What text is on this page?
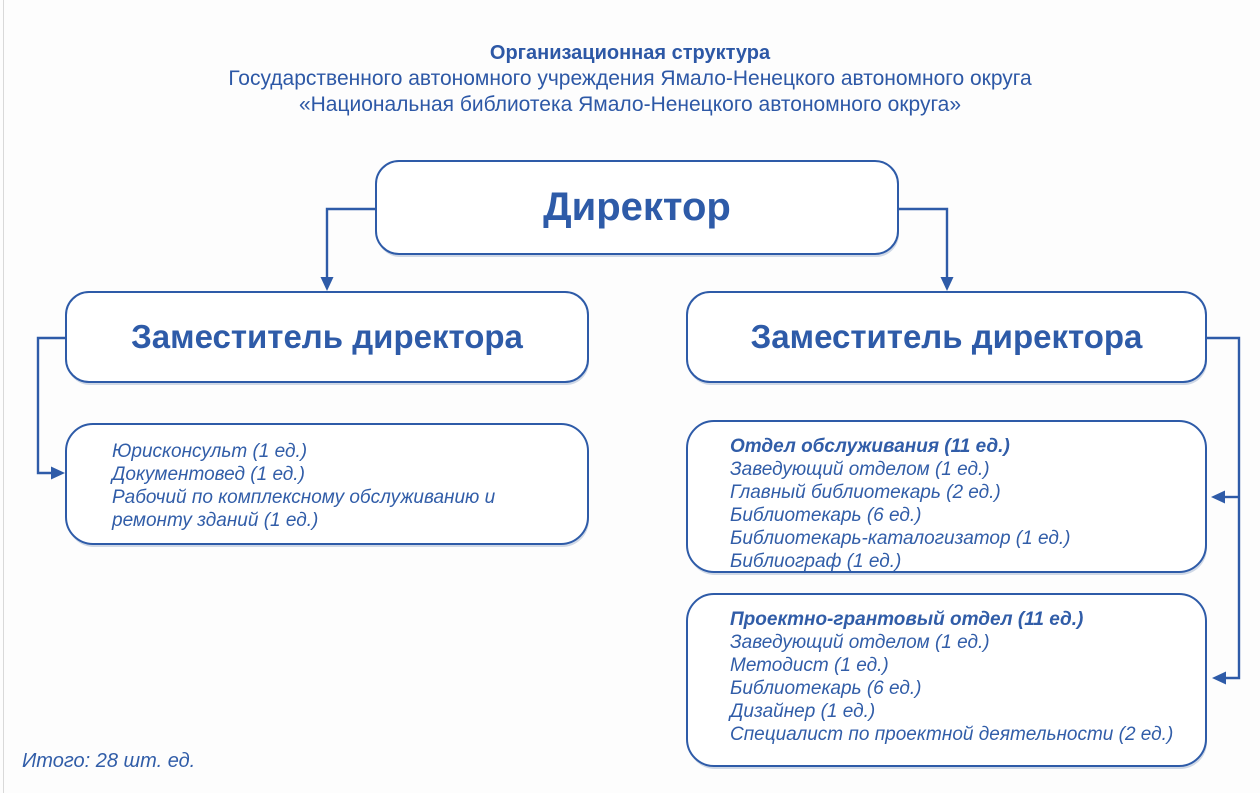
Организационная структура
Государственного автономного учреждения Ямало-Ненецкого автономного округа
«Национальная библиотека Ямало-Ненецкого автономного округа»
Директор
Заместитель директора	Заместитель директора
Юрисконсульт (1 ед.)
Документовед (1 ед.)
Рабочий по комплексному обслуживанию и ремонту зданий (1 ед.)
Отдел обслуживания (11 ед.)
Заведующий отделом (1 ед.)
Главный библиотекарь (2 ед.)
Библиотекарь (6 ед.)
Библиотекарь-каталогизатор (1 ед.)
Библиограф (1 ед.)
Проектно-грантовый отдел (11 ед.)
Заведующий отделом (1 ед.)
Методист (1 ед.)
Библиотекарь (6 ед.)
Дизайнер (1 ед.)
Специалист по проектной деятельности (2 ед.)
Итого: 28 шт. ед.
